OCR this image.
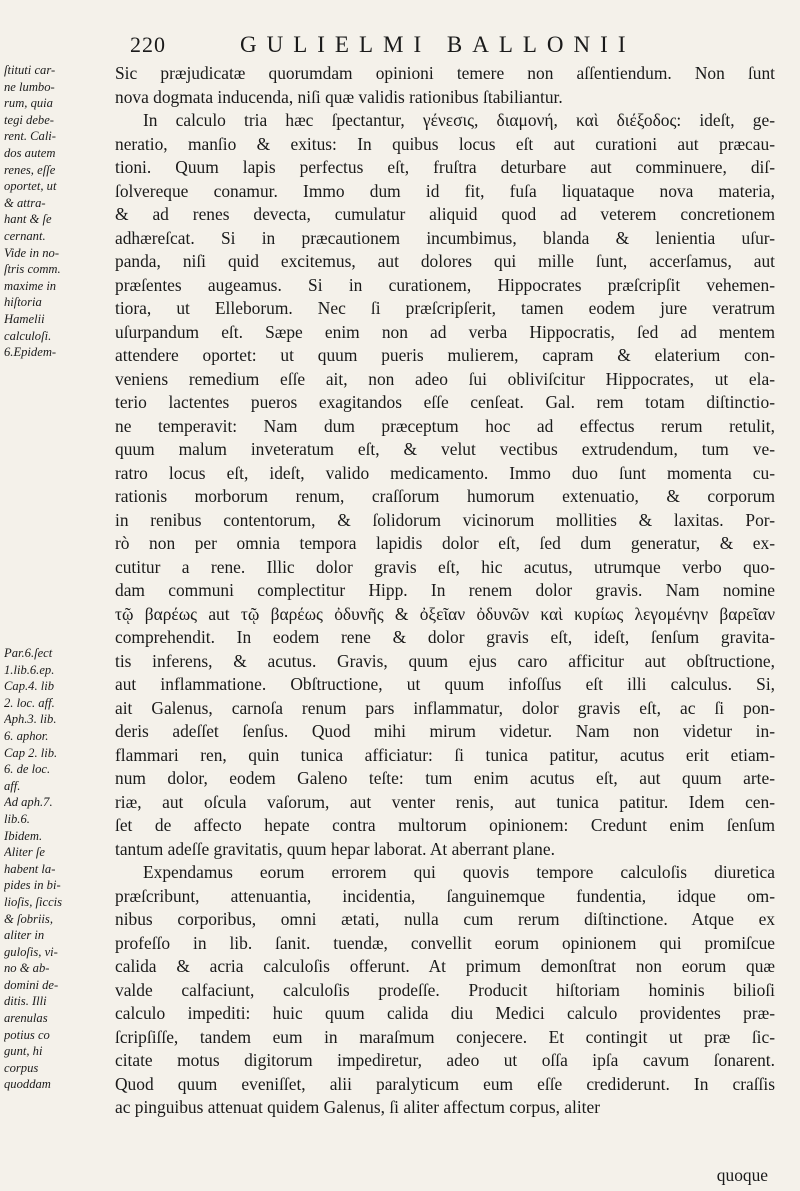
220	GULIELMI BALLONII
ſtituti car-
ne lumbo-
rum, quia
tegi debe-
rent. Cali-
dos autem
renes, eſſe
oportet, ut
& attra-
hant & ſe
cernant.
Vide in no-
ſtris comm.
maxime in
hiſtoria
Hamelii
calculoſi.
6.Epidem-
Par.6.ſect
1.lib.6.ep.
Cap.4. lib
2. loc. aff.
Aph.3. lib.
6. aphor.
Cap 2. lib.
6. de loc.
aff.
Ad aph.7.
lib.6.
Ibidem.
Aliter ſe
habent la-
pides in bi-
lioſis, ſiccis
& ſobriis,
aliter in
guloſis, vi-
no & ab-
domini de-
ditis. Illi
arenulas
potius co
gunt, hi
corpus
quoddam
Sic præjudicatæ quorumdam opinioni temere non aſſentiendum. Non ſunt
nova dogmata inducenda, niſi quæ validis rationibus ſtabiliantur.
In calculo tria hæc ſpectantur, γένεσις, διαμονή, καὶ διέξοδος: ideſt, ge-
neratio, manſio & exitus: In quibus locus eſt aut curationi aut præcau-
tioni. Quum lapis perfectus eſt, fruſtra deturbare aut comminuere, diſ-
ſolvereque conamur. Immo dum id fit, fuſa liquataque nova materia,
& ad renes devecta, cumulatur aliquid quod ad veterem concretionem
adhæreſcat. Si in præcautionem incumbimus, blanda & lenientia uſur-
panda, niſi quid excitemus, aut dolores qui mille ſunt, accerſamus, aut
præſentes augeamus. Si in curationem, Hippocrates præſcripſit vehemen-
tiora, ut Elleborum. Nec ſi præſcripſerit, tamen eodem jure veratrum
uſurpandum eſt. Sæpe enim non ad verba Hippocratis, ſed ad mentem
attendere oportet: ut quum pueris mulierem, capram & elaterium con-
veniens remedium eſſe ait, non adeo ſui obliviſcitur Hippocrates, ut ela-
terio lactentes pueros exagitandos eſſe cenſeat. Gal. rem totam diſtinctio-
ne temperavit: Nam dum præceptum hoc ad effectus rerum retulit,
quum malum inveteratum eſt, & velut vectibus extrudendum, tum ve-
ratro locus eſt, ideſt, valido medicamento. Immo duo ſunt momenta cu-
rationis morborum renum, craſſorum humorum extenuatio, & corporum
in renibus contentorum, & ſolidorum vicinorum mollities & laxitas. Por-
rò non per omnia tempora lapidis dolor eſt, ſed dum generatur, & ex-
cutitur a rene. Illic dolor gravis eſt, hic acutus, utrumque verbo quo-
dam communi complectitur Hipp. In renem dolor gravis. Nam nomine
τῷ βαρέως aut τῷ βαρέως ὀδυνῆς & ὀξεῖαν ὀδυνῶν καὶ κυρίως λεγομένην βαρεῖαν
comprehendit. In eodem rene & dolor gravis eſt, ideſt, ſenſum gravita-
tis inferens, & acutus. Gravis, quum ejus caro afficitur aut obſtructione,
aut inflammatione. Obſtructione, ut quum infoſſus eſt illi calculus. Si,
ait Galenus, carnoſa renum pars inflammatur, dolor gravis eſt, ac ſi pon-
deris adeſſet ſenſus. Quod mihi mirum videtur. Nam non videtur in-
flammari ren, quin tunica afficiatur: ſi tunica patitur, acutus erit etiam-
num dolor, eodem Galeno teſte: tum enim acutus eſt, aut quum arte-
riæ, aut oſcula vaſorum, aut venter renis, aut tunica patitur. Idem cen-
ſet de affecto hepate contra multorum opinionem: Credunt enim ſenſum
tantum adeſſe gravitatis, quum hepar laborat. At aberrant plane.
Expendamus eorum errorem qui quovis tempore calculoſis diuretica
præſcribunt, attenuantia, incidentia, ſanguinemque fundentia, idque om-
nibus corporibus, omni ætati, nulla cum rerum diſtinctione. Atque ex
profeſſo in lib. ſanit. tuendæ, convellit eorum opinionem qui promiſcue
calida & acria calculoſis offerunt. At primum demonſtrat non eorum quæ
valde calfaciunt, calculoſis prodeſſe. Producit hiſtoriam hominis bilioſi
calculo impediti: huic quum calida diu Medici calculo providentes præ-
ſcripſiſſe, tandem eum in maraſmum conjecere. Et contingit ut præ ſic-
citate motus digitorum impediretur, adeo ut oſſa ipſa cavum ſonarent.
Quod quum eveniſſet, alii paralyticum eum eſſe crediderunt. In craſſis
ac pinguibus attenuat quidem Galenus, ſi aliter affectum corpus, aliter
quoque
